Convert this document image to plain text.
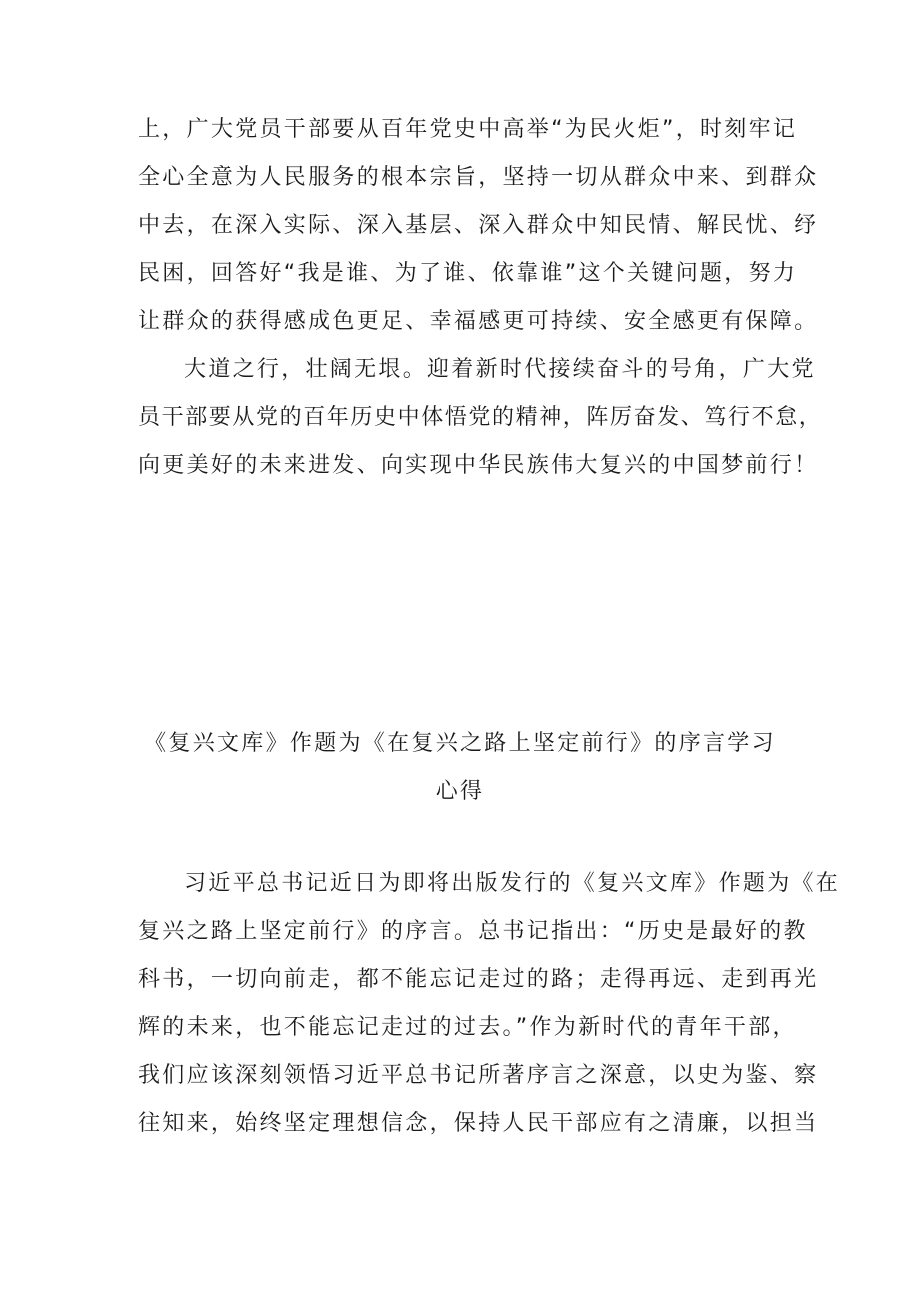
上，广大党员干部要从百年党史中高举“为民火炬”，时刻牢记
全心全意为人民服务的根本宗旨，坚持一切从群众中来、到群众
中去，在深入实际、深入基层、深入群众中知民情、解民忧、纾
民困，回答好“我是谁、为了谁、依靠谁”这个关键问题，努力
让群众的获得感成色更足、幸福感更可持续、安全感更有保障。
大道之行，壮阔无垠。迎着新时代接续奋斗的号角，广大党
员干部要从党的百年历史中体悟党的精神，阵厉奋发、笃行不怠，
向更美好的未来进发、向实现中华民族伟大复兴的中国梦前行！
《复兴文库》作题为《在复兴之路上坚定前行》的序言学习
心得
习近平总书记近日为即将出版发行的《复兴文库》作题为《在
复兴之路上坚定前行》的序言。总书记指出：“历史是最好的教
科书，一切向前走，都不能忘记走过的路；走得再远、走到再光
辉的未来，也不能忘记走过的过去。”作为新时代的青年干部，
我们应该深刻领悟习近平总书记所著序言之深意，以史为鉴、察
往知来，始终坚定理想信念，保持人民干部应有之清廉，以担当
